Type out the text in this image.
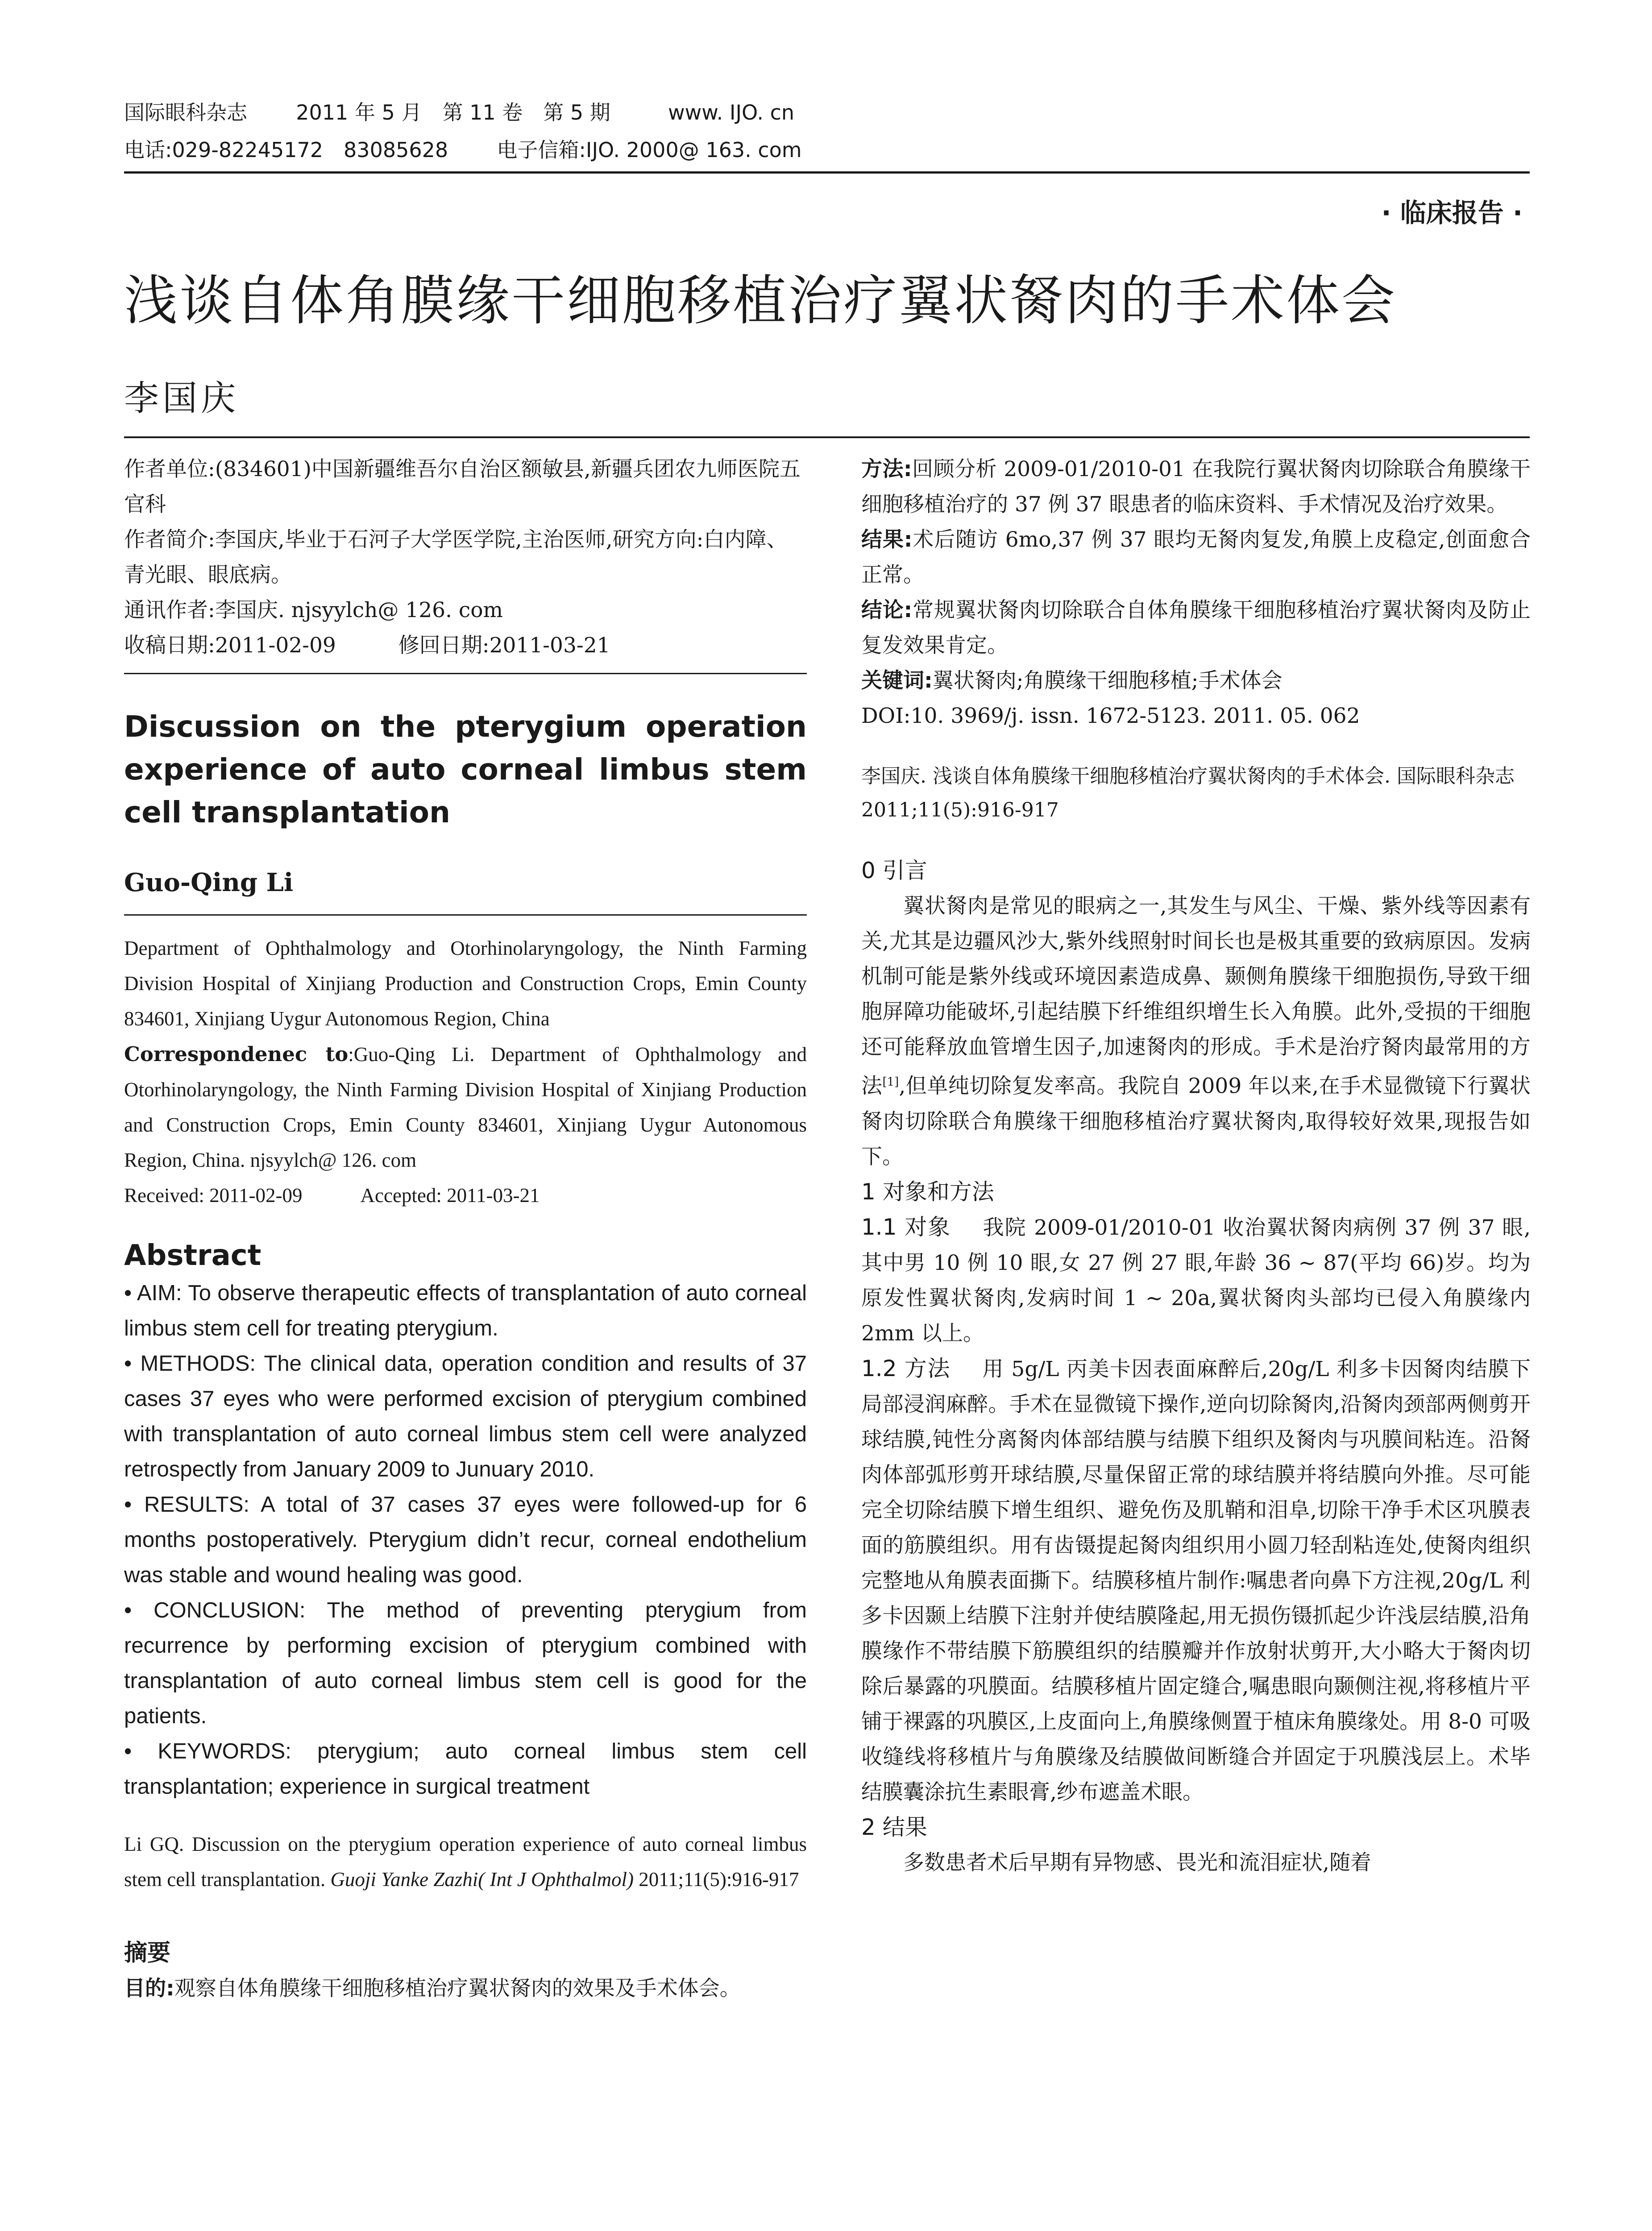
国际眼科杂志 2011 年 5 月　第 11 卷　第 5 期	www. IJO. cn
电话:029-82245172　83085628 电子信箱:IJO. 2000@ 163. com
· 临床报告 ·
浅谈自体角膜缘干细胞移植治疗翼状胬肉的手术体会
李国庆

作者单位:(834601)中国新疆维吾尔自治区额敏县,新疆兵团农九师医院五官科

作者简介:李国庆,毕业于石河子大学医学院,主治医师,研究方向:白内障、青光眼、眼底病。

通讯作者:李国庆. njsyylch@ 126. com

收稿日期:2011-02-09	修回日期:2011-03-21

Discussion on the pterygium operation
experience of auto corneal limbus stem
cell transplantation
Guo-Qing Li

Department of Ophthalmology and Otorhinolaryngology, the Ninth Farming Division Hospital of Xinjiang Production and Construction Crops, Emin County 834601, Xinjiang Uygur Autonomous Region, China

Correspondenec to:Guo-Qing Li. Department of Ophthalmology and Otorhinolaryngology, the Ninth Farming Division Hospital of Xinjiang Production and Construction Crops, Emin County 834601, Xinjiang Uygur Autonomous Region, China. njsyylch@ 126. com

Received: 2011-02-09	Accepted: 2011-03-21

Abstract

• AIM: To observe therapeutic effects of transplantation of auto corneal limbus stem cell for treating pterygium.

• METHODS: The clinical data, operation condition and results of 37 cases 37 eyes who were performed excision of pterygium combined with transplantation of auto corneal limbus stem cell were analyzed retrospectly from January 2009 to Junuary 2010.

• RESULTS: A total of 37 cases 37 eyes were followed-up for 6 months postoperatively. Pterygium didn’t recur, corneal endothelium was stable and wound healing was good.

• CONCLUSION: The method of preventing pterygium from recurrence by performing excision of pterygium combined with transplantation of auto corneal limbus stem cell is good for the patients.

• KEYWORDS: pterygium; auto corneal limbus stem cell transplantation; experience in surgical treatment

Li GQ. Discussion on the pterygium operation experience of auto corneal limbus stem cell transplantation. Guoji Yanke Zazhi( Int J Ophthalmol) 2011;11(5):916-917
摘要
目的:观察自体角膜缘干细胞移植治疗翼状胬肉的效果及手术体会。

方法:回顾分析 2009-01/2010-01 在我院行翼状胬肉切除联合角膜缘干细胞移植治疗的 37 例 37 眼患者的临床资料、手术情况及治疗效果。

结果:术后随访 6mo,37 例 37 眼均无胬肉复发,角膜上皮稳定,创面愈合正常。

结论:常规翼状胬肉切除联合自体角膜缘干细胞移植治疗翼状胬肉及防止复发效果肯定。

关键词:翼状胬肉;角膜缘干细胞移植;手术体会

DOI:10. 3969/j. issn. 1672-5123. 2011. 05. 062

李国庆. 浅谈自体角膜缘干细胞移植治疗翼状胬肉的手术体会. 国际眼科杂志 2011;11(5):916-917
0 引言

翼状胬肉是常见的眼病之一,其发生与风尘、干燥、紫外线等因素有关,尤其是边疆风沙大,紫外线照射时间长也是极其重要的致病原因。发病机制可能是紫外线或环境因素造成鼻、颞侧角膜缘干细胞损伤,导致干细胞屏障功能破坏,引起结膜下纤维组织增生长入角膜。此外,受损的干细胞还可能释放血管增生因子,加速胬肉的形成。手术是治疗胬肉最常用的方法[1],但单纯切除复发率高。我院自 2009 年以来,在手术显微镜下行翼状胬肉切除联合角膜缘干细胞移植治疗翼状胬肉,取得较好效果,现报告如下。

1 对象和方法

1.1 对象 我院 2009-01/2010-01 收治翼状胬肉病例 37 例 37 眼,其中男 10 例 10 眼,女 27 例 27 眼,年龄 36 ~ 87(平均 66)岁。均为原发性翼状胬肉,发病时间 1 ~ 20a,翼状胬肉头部均已侵入角膜缘内 2mm 以上。

1.2 方法 用 5g/L 丙美卡因表面麻醉后,20g/L 利多卡因胬肉结膜下局部浸润麻醉。手术在显微镜下操作,逆向切除胬肉,沿胬肉颈部两侧剪开球结膜,钝性分离胬肉体部结膜与结膜下组织及胬肉与巩膜间粘连。沿胬肉体部弧形剪开球结膜,尽量保留正常的球结膜并将结膜向外推。尽可能完全切除结膜下增生组织、避免伤及肌鞘和泪阜,切除干净手术区巩膜表面的筋膜组织。用有齿镊提起胬肉组织用小圆刀轻刮粘连处,使胬肉组织完整地从角膜表面撕下。结膜移植片制作:嘱患者向鼻下方注视,20g/L 利多卡因颞上结膜下注射并使结膜隆起,用无损伤镊抓起少许浅层结膜,沿角膜缘作不带结膜下筋膜组织的结膜瓣并作放射状剪开,大小略大于胬肉切除后暴露的巩膜面。结膜移植片固定缝合,嘱患眼向颞侧注视,将移植片平铺于裸露的巩膜区,上皮面向上,角膜缘侧置于植床角膜缘处。用 8-0 可吸收缝线将移植片与角膜缘及结膜做间断缝合并固定于巩膜浅层上。术毕结膜囊涂抗生素眼膏,纱布遮盖术眼。

2 结果

多数患者术后早期有异物感、畏光和流泪症状,随着
